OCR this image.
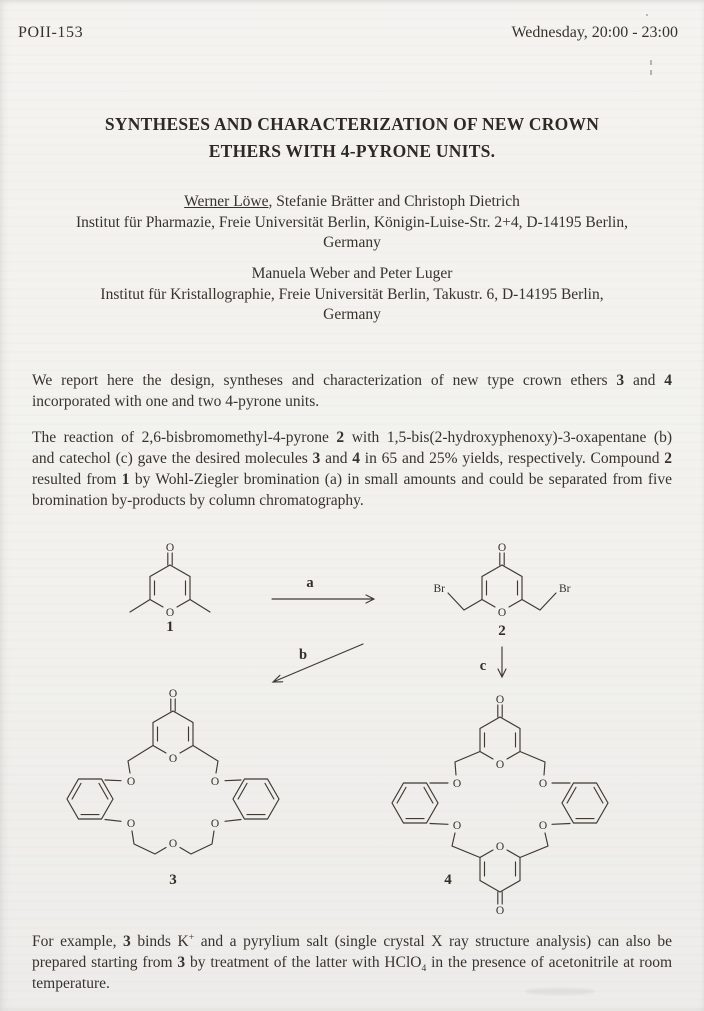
POII-153	Wednesday, 20:00 - 23:00
SYNTHESES AND CHARACTERIZATION OF NEW CROWN
ETHERS WITH 4-PYRONE UNITS.
Werner Löwe, Stefanie Brätter and Christoph Dietrich
Institut für Pharmazie, Freie Universität Berlin, Königin-Luise-Str. 2+4, D-14195 Berlin,
Germany
Manuela Weber and Peter Luger
Institut für Kristallographie, Freie Universität Berlin, Takustr. 6, D-14195 Berlin,
Germany
We report here the design, syntheses and characterization of new type crown ethers 3 and 4 incorporated with one and two 4-pyrone units.
The reaction of 2,6-bisbromomethyl-4-pyrone 2 with 1,5-bis(2-hydroxyphenoxy)-3-oxapentane (b) and catechol (c) gave the desired molecules 3 and 4 in 65 and 25% yields, respectively. Compound 2 resulted from 1 by Wohl-Ziegler bromination (a) in small amounts and could be separated from five bromination by-products by column chromatography.
For example, 3 binds K+ and a pyrylium salt (single crystal X ray structure analysis) can also be prepared starting from 3 by treatment of the latter with HClO$_4$ in the presence of acetonitrile at room temperature.
O
O
1
a
O
O
Br	Br
2
b
c
O
O
O	O
O	O
O
3
O
O
O	O
O	O
O
O
4
